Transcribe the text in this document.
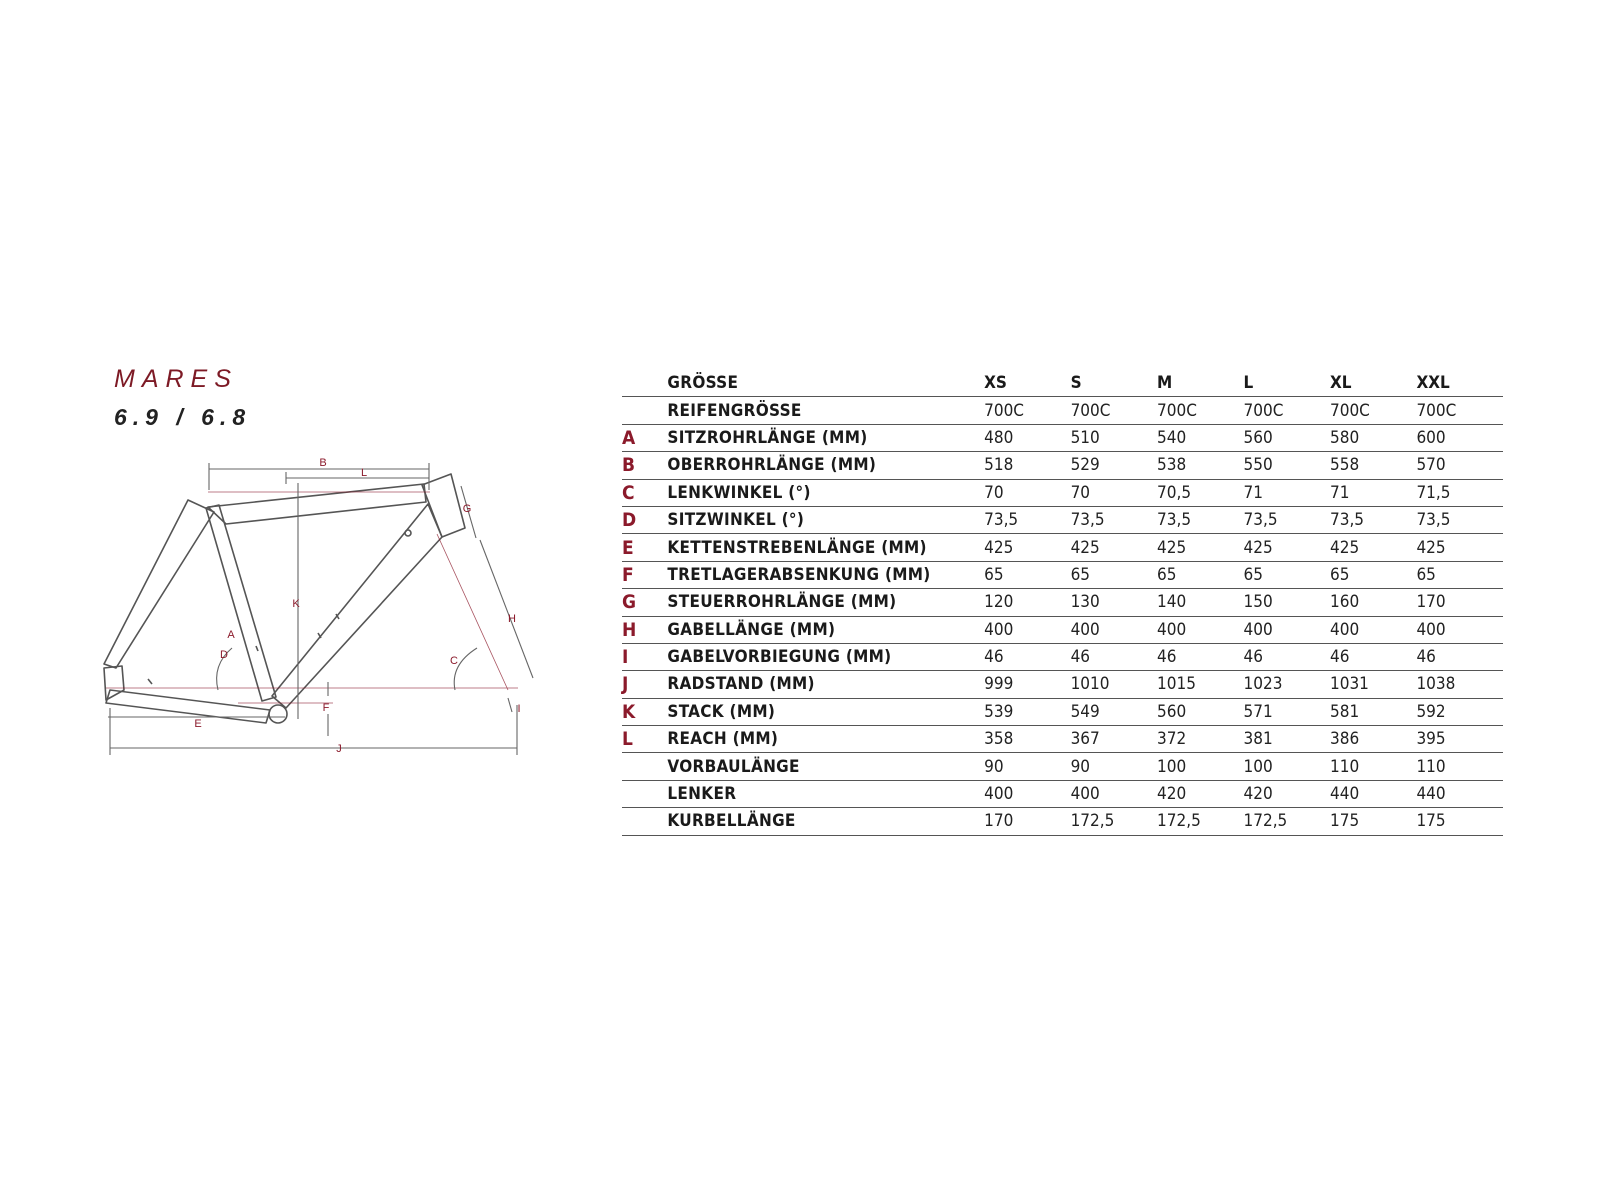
MARES
6.9 / 6.8
B
L
G
K
H
A
D	C
F	I
E
J
	GRÖSSE	XS	S	M	L	XL	XXL
	REIFENGRÖSSE	700C	700C	700C	700C	700C	700C
A	SITZROHRLÄNGE (MM)	480	510	540	560	580	600
B	OBERROHRLÄNGE (MM)	518	529	538	550	558	570
C	LENKWINKEL (°)	70	70	70,5	71	71	71,5
D	SITZWINKEL (°)	73,5	73,5	73,5	73,5	73,5	73,5
E	KETTENSTREBENLÄNGE (MM)	425	425	425	425	425	425
F	TRETLAGERABSENKUNG (MM)	65	65	65	65	65	65
G	STEUERROHRLÄNGE (MM)	120	130	140	150	160	170
H	GABELLÄNGE (MM)	400	400	400	400	400	400
I	GABELVORBIEGUNG (MM)	46	46	46	46	46	46
J	RADSTAND (MM)	999	1010	1015	1023	1031	1038
K	STACK (MM)	539	549	560	571	581	592
L	REACH (MM)	358	367	372	381	386	395
	VORBAULÄNGE	90	90	100	100	110	110
	LENKER	400	400	420	420	440	440
	KURBELLÄNGE	170	172,5	172,5	172,5	175	175
